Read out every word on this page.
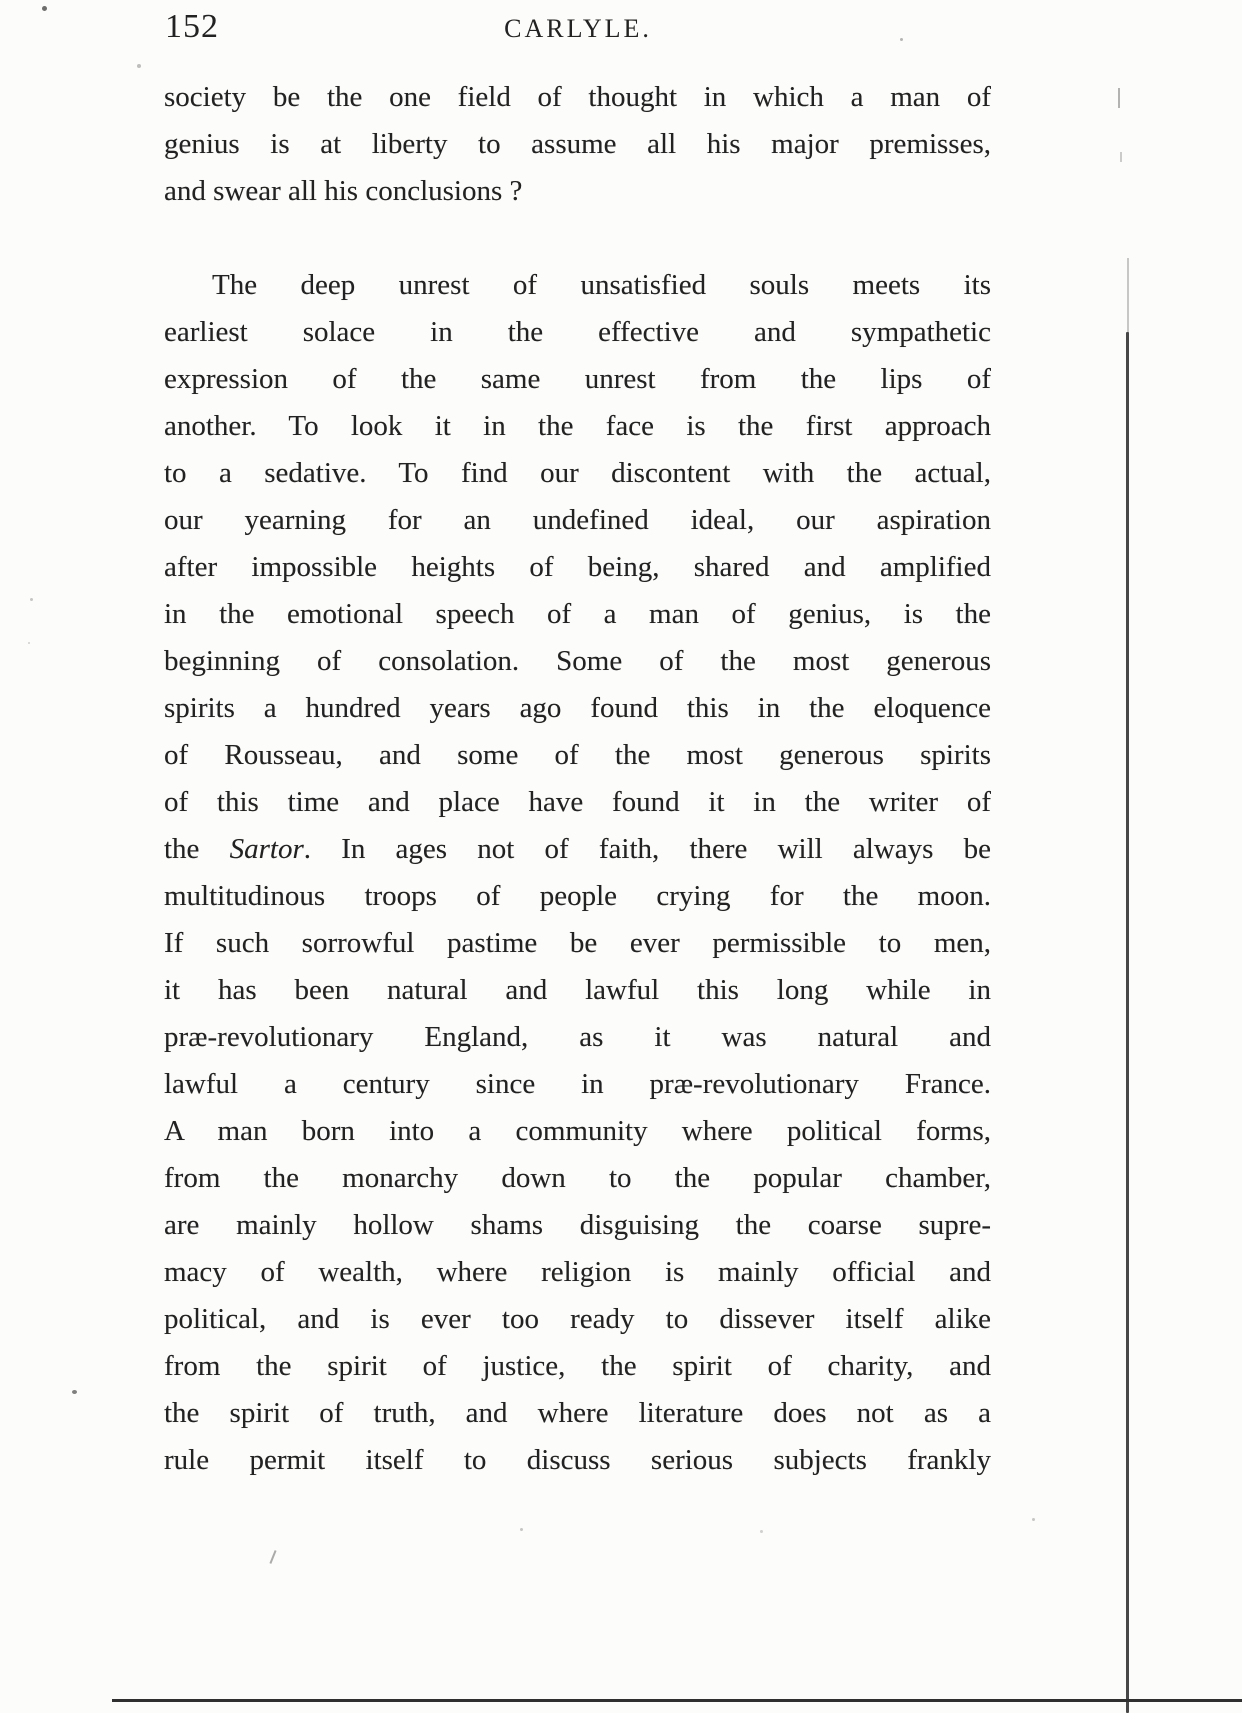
152	CARLYLE.
society be the one field of thought in which a man of
genius is at liberty to assume all his major premisses,
and swear all his conclusions ?
The deep unrest of unsatisfied souls meets its
earliest solace in the effective and sympathetic
expression of the same unrest from the lips of
another. To look it in the face is the first approach
to a sedative. To find our discontent with the actual,
our yearning for an undefined ideal, our aspiration
after impossible heights of being, shared and amplified
in the emotional speech of a man of genius, is the
beginning of consolation. Some of the most generous
spirits a hundred years ago found this in the eloquence
of Rousseau, and some of the most generous spirits
of this time and place have found it in the writer of
the Sartor. In ages not of faith, there will always be
multitudinous troops of people crying for the moon.
If such sorrowful pastime be ever permissible to men,
it has been natural and lawful this long while in
præ-revolutionary England, as it was natural and
lawful a century since in præ-revolutionary France.
A man born into a community where political forms,
from the monarchy down to the popular chamber,
are mainly hollow shams disguising the coarse supre-
macy of wealth, where religion is mainly official and
political, and is ever too ready to dissever itself alike
from the spirit of justice, the spirit of charity, and
the spirit of truth, and where literature does not as a
rule permit itself to discuss serious subjects frankly
